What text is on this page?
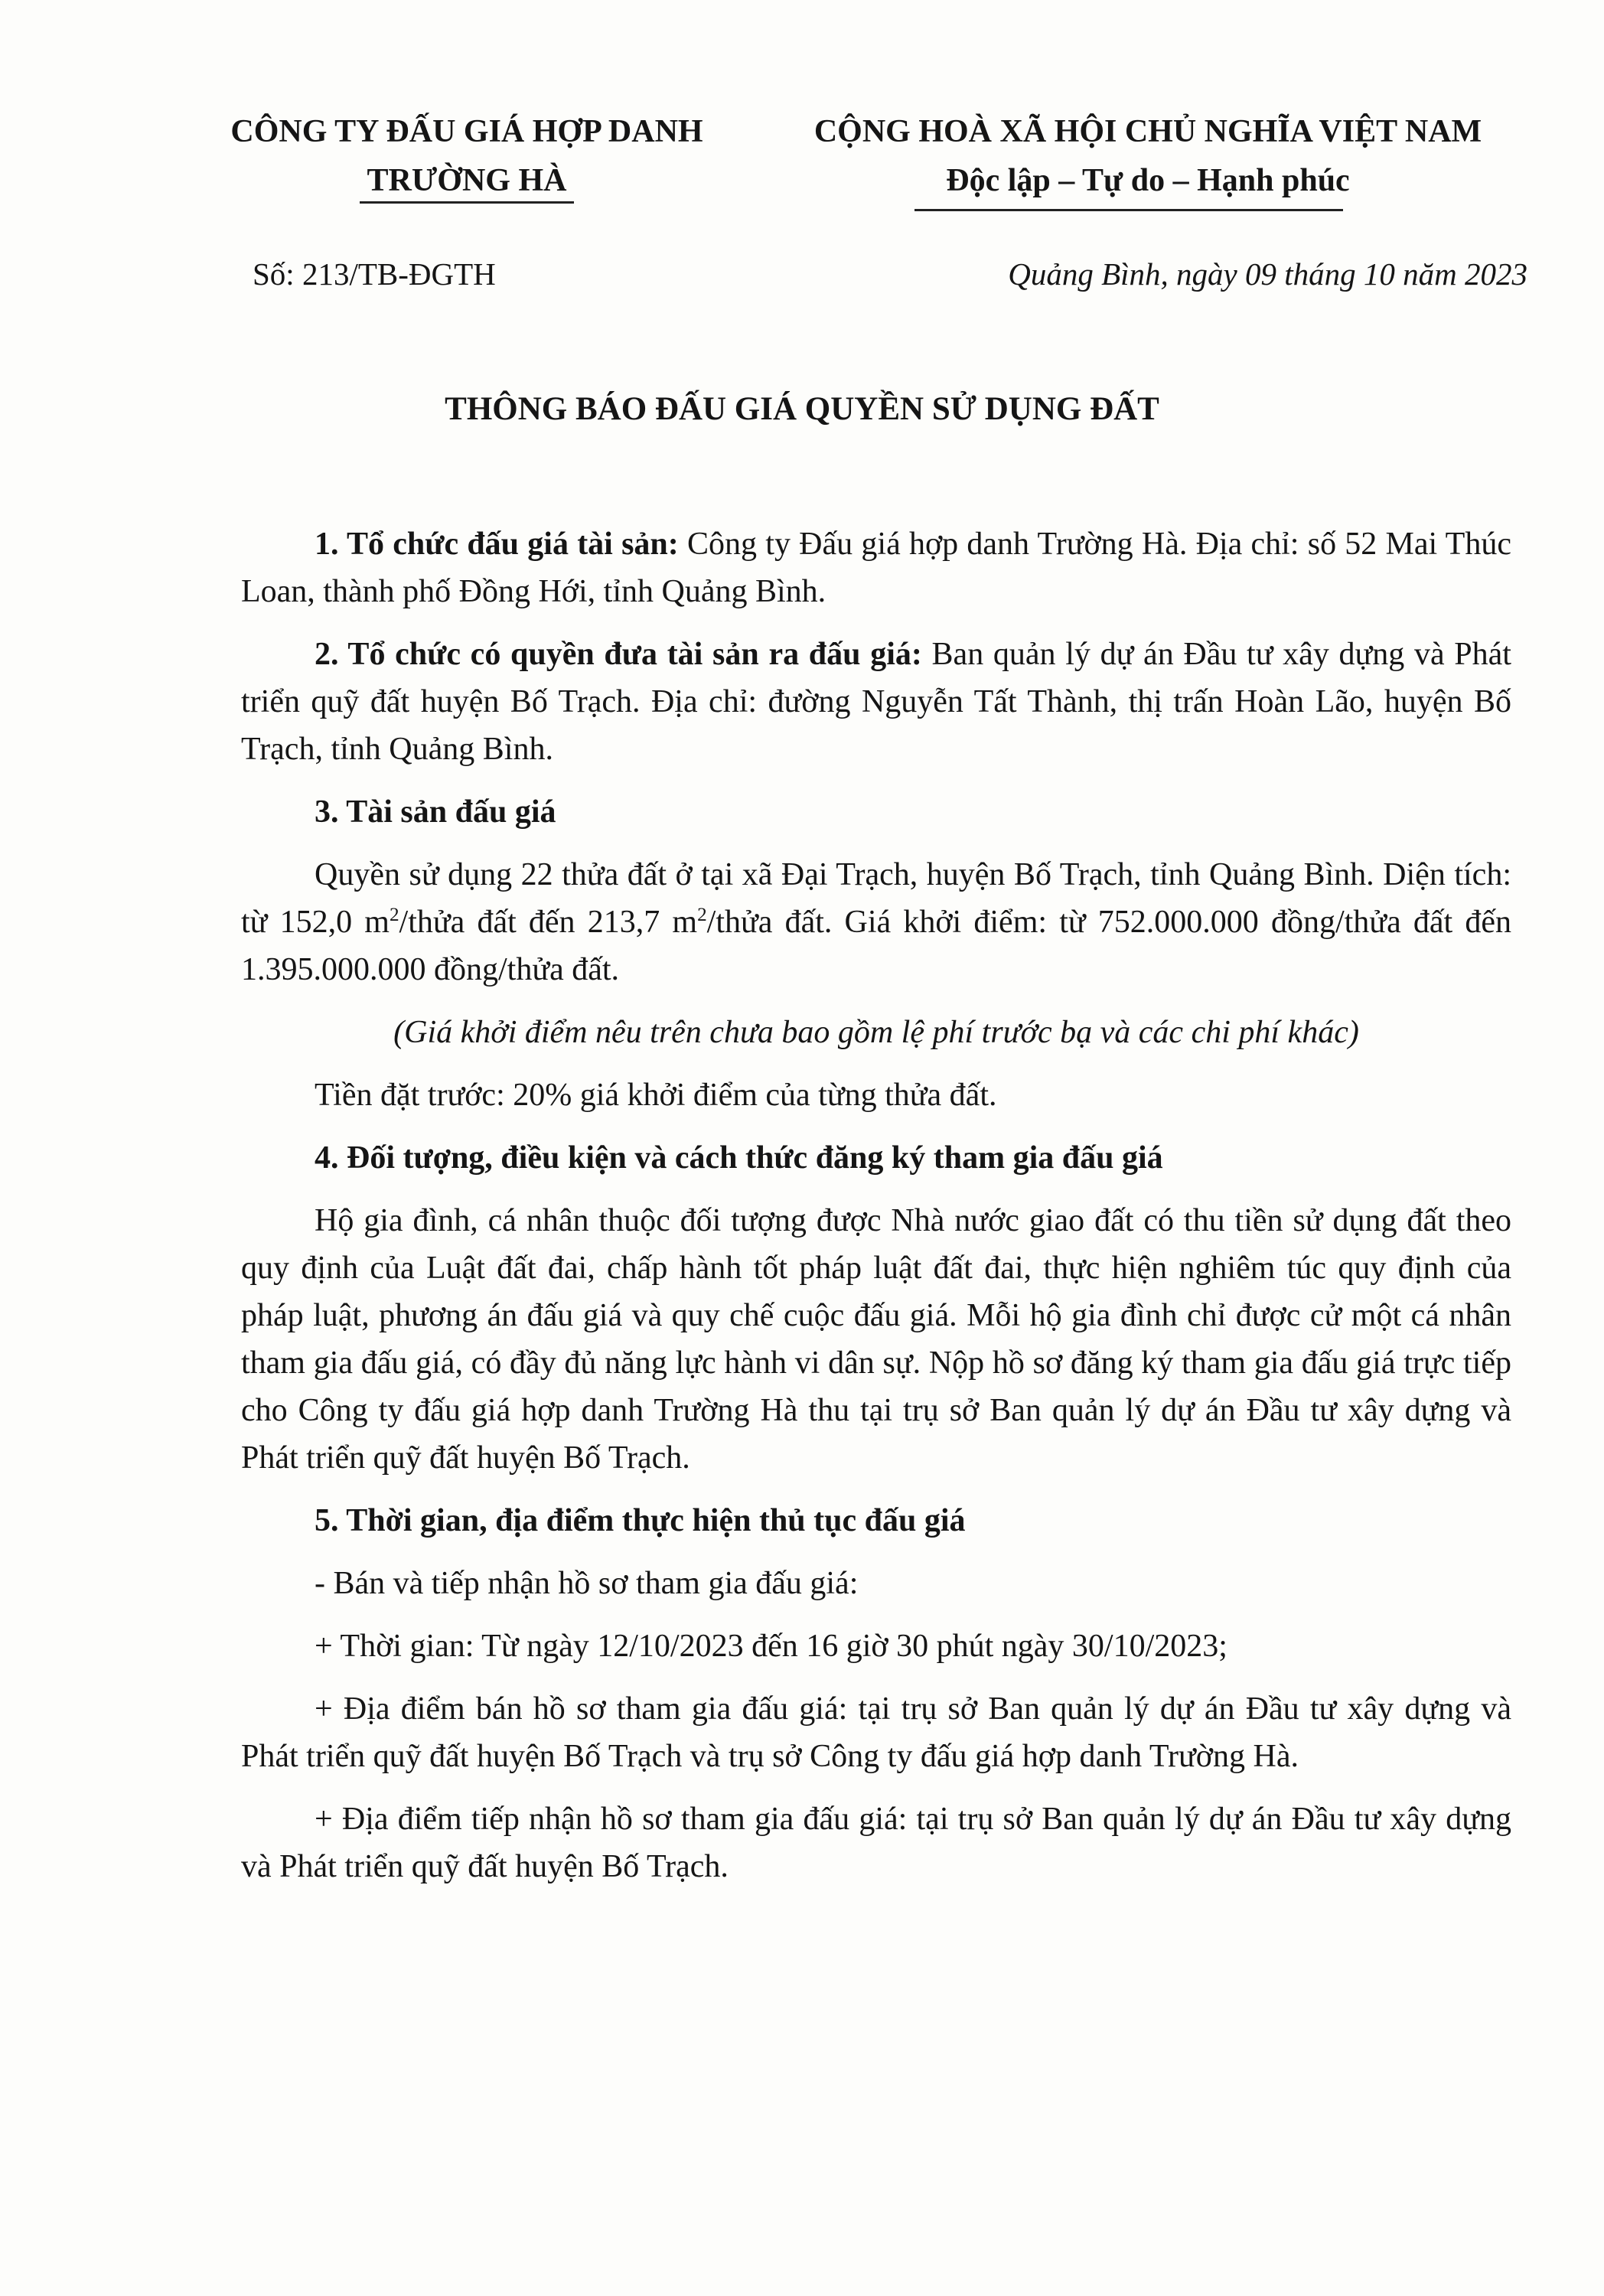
CÔNG TY ĐẤU GIÁ HỢP DANH
TRƯỜNG HÀ
CỘNG HOÀ XÃ HỘI CHỦ NGHĨA VIỆT NAM
Độc lập – Tự do – Hạnh phúc
Số: 213/TB-ĐGTH	Quảng Bình, ngày 09 tháng 10 năm 2023
THÔNG BÁO ĐẤU GIÁ QUYỀN SỬ DỤNG ĐẤT

1. Tổ chức đấu giá tài sản: Công ty Đấu giá hợp danh Trường Hà. Địa chỉ: số 52 Mai Thúc Loan, thành phố Đồng Hới, tỉnh Quảng Bình.

2. Tổ chức có quyền đưa tài sản ra đấu giá: Ban quản lý dự án Đầu tư xây dựng và Phát triển quỹ đất huyện Bố Trạch. Địa chỉ: đường Nguyễn Tất Thành, thị trấn Hoàn Lão, huyện Bố Trạch, tỉnh Quảng Bình.

3. Tài sản đấu giá

Quyền sử dụng 22 thửa đất ở tại xã Đại Trạch, huyện Bố Trạch, tỉnh Quảng Bình. Diện tích: từ 152,0 $m^2$/thửa đất đến 213,7 $m^2$/thửa đất. Giá khởi điểm: từ 752.000.000 đồng/thửa đất đến 1.395.000.000 đồng/thửa đất.

(Giá khởi điểm nêu trên chưa bao gồm lệ phí trước bạ và các chi phí khác)

Tiền đặt trước: 20% giá khởi điểm của từng thửa đất.

4. Đối tượng, điều kiện và cách thức đăng ký tham gia đấu giá

Hộ gia đình, cá nhân thuộc đối tượng được Nhà nước giao đất có thu tiền sử dụng đất theo quy định của Luật đất đai, chấp hành tốt pháp luật đất đai, thực hiện nghiêm túc quy định của pháp luật, phương án đấu giá và quy chế cuộc đấu giá. Mỗi hộ gia đình chỉ được cử một cá nhân tham gia đấu giá, có đầy đủ năng lực hành vi dân sự. Nộp hồ sơ đăng ký tham gia đấu giá trực tiếp cho Công ty đấu giá hợp danh Trường Hà thu tại trụ sở Ban quản lý dự án Đầu tư xây dựng và Phát triển quỹ đất huyện Bố Trạch.

5. Thời gian, địa điểm thực hiện thủ tục đấu giá

- Bán và tiếp nhận hồ sơ tham gia đấu giá:

+ Thời gian: Từ ngày 12/10/2023 đến 16 giờ 30 phút ngày 30/10/2023;

+ Địa điểm bán hồ sơ tham gia đấu giá: tại trụ sở Ban quản lý dự án Đầu tư xây dựng và Phát triển quỹ đất huyện Bố Trạch và trụ sở Công ty đấu giá hợp danh Trường Hà.

+ Địa điểm tiếp nhận hồ sơ tham gia đấu giá: tại trụ sở Ban quản lý dự án Đầu tư xây dựng và Phát triển quỹ đất huyện Bố Trạch.
